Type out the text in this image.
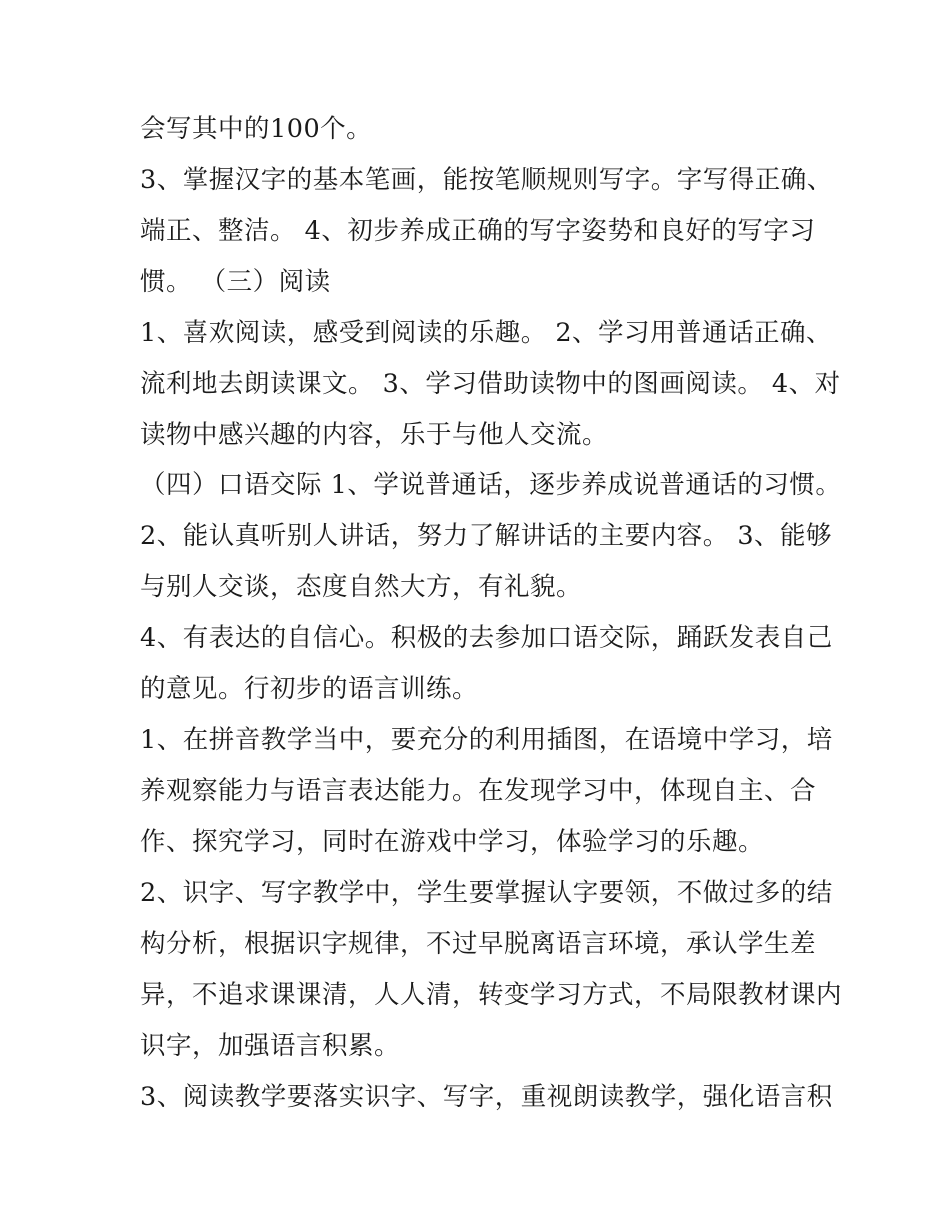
会写其中的100个。
3、掌握汉字的基本笔画，能按笔顺规则写字。字写得正确、
端正、整洁。 4、初步养成正确的写字姿势和良好的写字习
惯。 （三）阅读
1、喜欢阅读，感受到阅读的乐趣。 2、学习用普通话正确、
流利地去朗读课文。 3、学习借助读物中的图画阅读。 4、对
读物中感兴趣的内容，乐于与他人交流。
（四）口语交际 1、学说普通话，逐步养成说普通话的习惯。
2、能认真听别人讲话，努力了解讲话的主要内容。 3、能够
与别人交谈，态度自然大方，有礼貌。
4、有表达的自信心。积极的去参加口语交际，踊跃发表自己
的意见。行初步的语言训练。
1、在拼音教学当中，要充分的利用插图，在语境中学习，培
养观察能力与语言表达能力。在发现学习中，体现自主、合
作、探究学习，同时在游戏中学习，体验学习的乐趣。
2、识字、写字教学中，学生要掌握认字要领，不做过多的结
构分析，根据识字规律，不过早脱离语言环境，承认学生差
异，不追求课课清，人人清，转变学习方式，不局限教材课内
识字，加强语言积累。
3、阅读教学要落实识字、写字，重视朗读教学，强化语言积
